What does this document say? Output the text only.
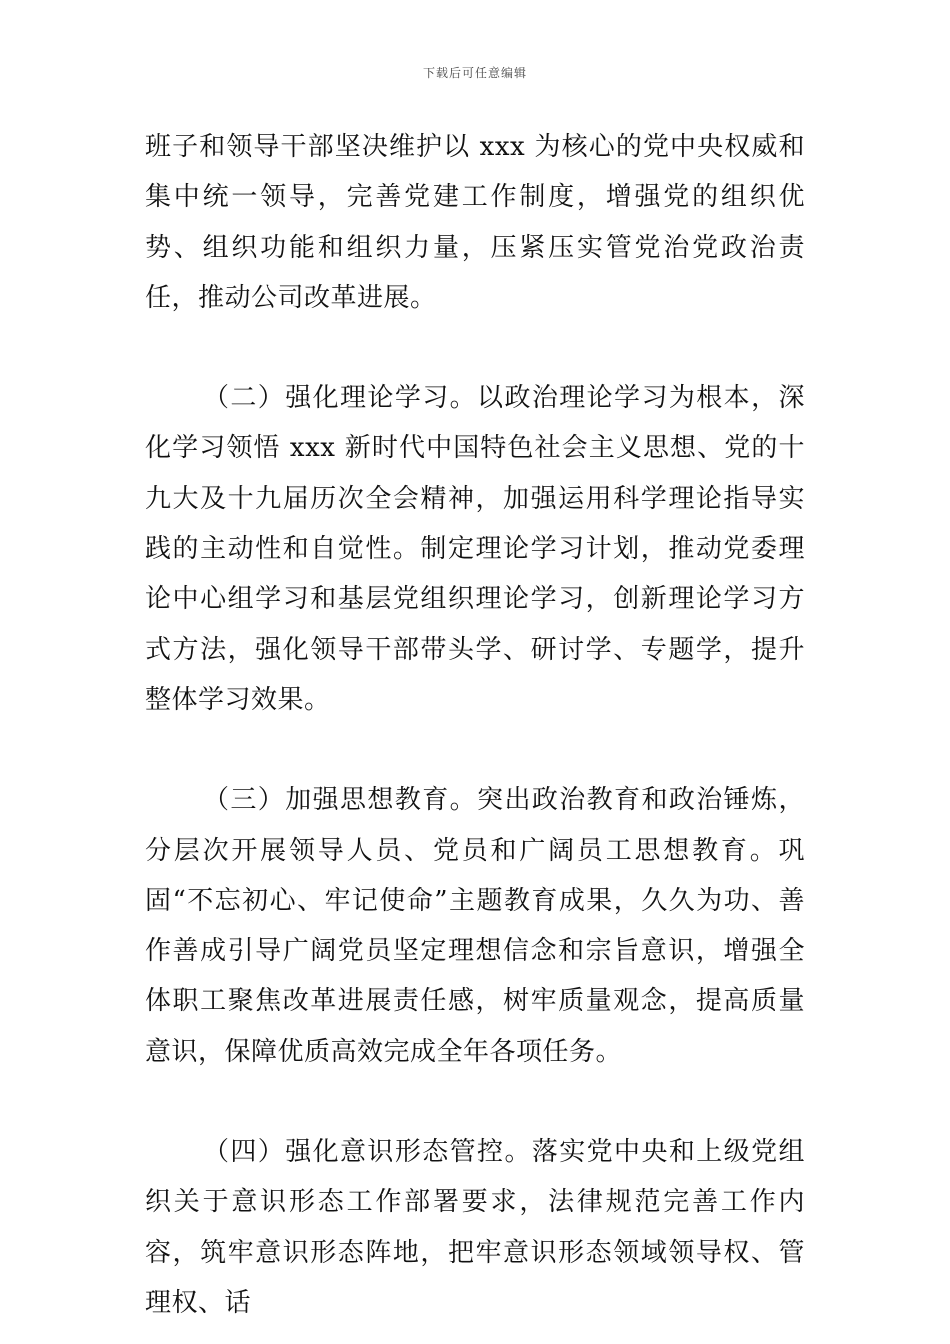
下载后可任意编辑

班子和领导干部坚决维护以 xxx 为核心的党中央权威和集中统一领导，完善党建工作制度，增强党的组织优势、组织功能和组织力量，压紧压实管党治党政治责任，推动公司改革进展。

（二）强化理论学习。以政治理论学习为根本，深化学习领悟 xxx 新时代中国特色社会主义思想、党的十九大及十九届历次全会精神，加强运用科学理论指导实践的主动性和自觉性。制定理论学习计划，推动党委理论中心组学习和基层党组织理论学习，创新理论学习方式方法，强化领导干部带头学、研讨学、专题学，提升整体学习效果。

（三）加强思想教育。突出政治教育和政治锤炼，分层次开展领导人员、党员和广阔员工思想教育。巩固“不忘初心、牢记使命”主题教育成果，久久为功、善作善成引导广阔党员坚定理想信念和宗旨意识，增强全体职工聚焦改革进展责任感，树牢质量观念，提高质量意识，保障优质高效完成全年各项任务。

（四）强化意识形态管控。落实党中央和上级党组织关于意识形态工作部署要求，法律规范完善工作内容，筑牢意识形态阵地，把牢意识形态领域领导权、管理权、话
